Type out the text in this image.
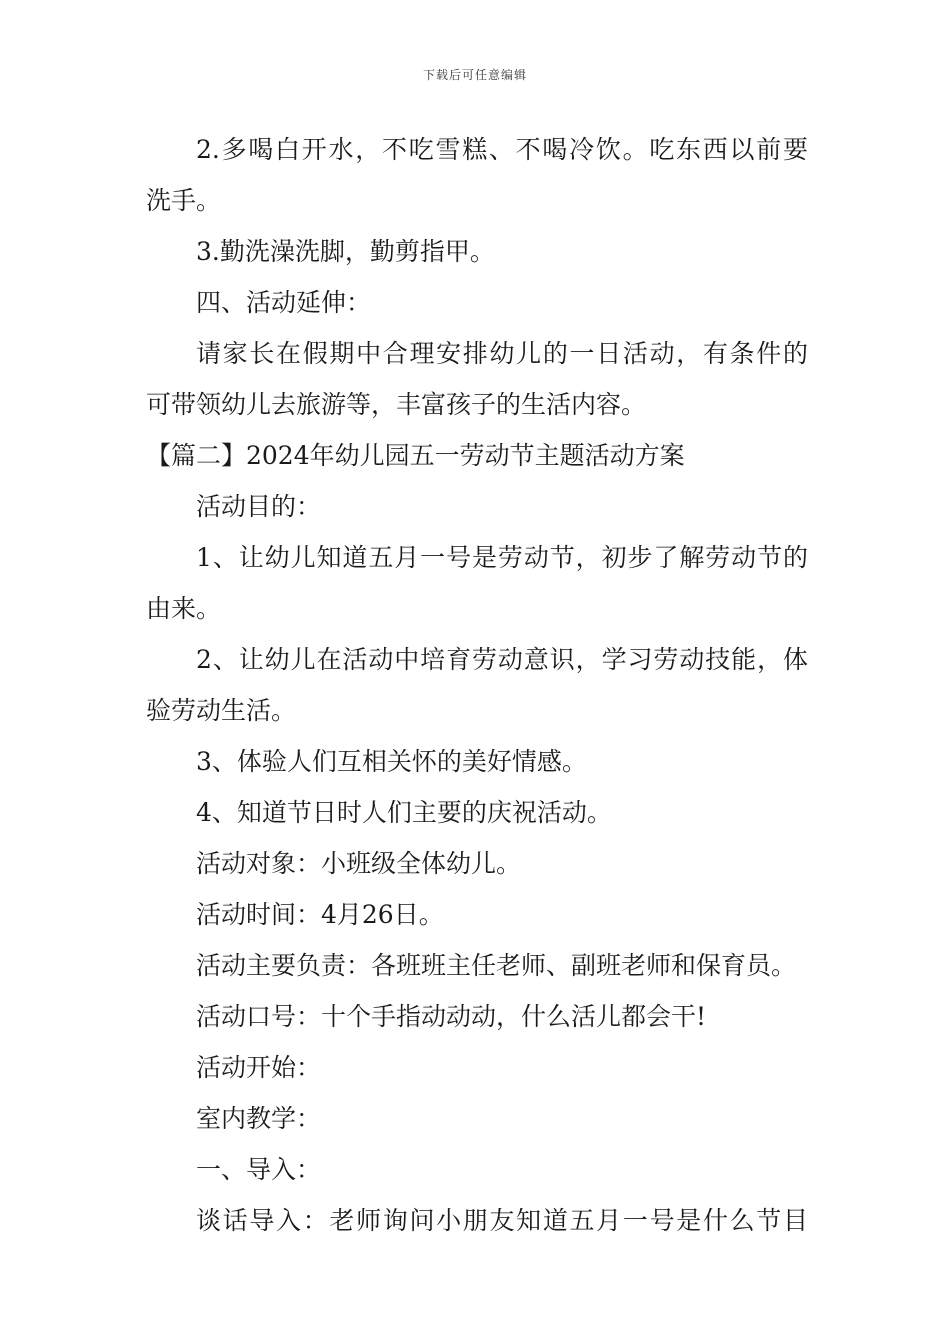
下载后可任意编辑

2.多喝白开水，不吃雪糕、不喝冷饮。吃东西以前要

洗手。

3.勤洗澡洗脚，勤剪指甲。

四、活动延伸：

请家长在假期中合理安排幼儿的一日活动，有条件的

可带领幼儿去旅游等，丰富孩子的生活内容。

【篇二】2024年幼儿园五一劳动节主题活动方案

活动目的：

1、让幼儿知道五月一号是劳动节，初步了解劳动节的

由来。

2、让幼儿在活动中培育劳动意识，学习劳动技能，体

验劳动生活。

3、体验人们互相关怀的美好情感。

4、知道节日时人们主要的庆祝活动。

活动对象：小班级全体幼儿。

活动时间：4月26日。

活动主要负责：各班班主任老师、副班老师和保育员。

活动口号：十个手指动动动，什么活儿都会干!

活动开始：

室内教学：

一、导入：

谈话导入：老师询问小朋友知道五月一号是什么节目
